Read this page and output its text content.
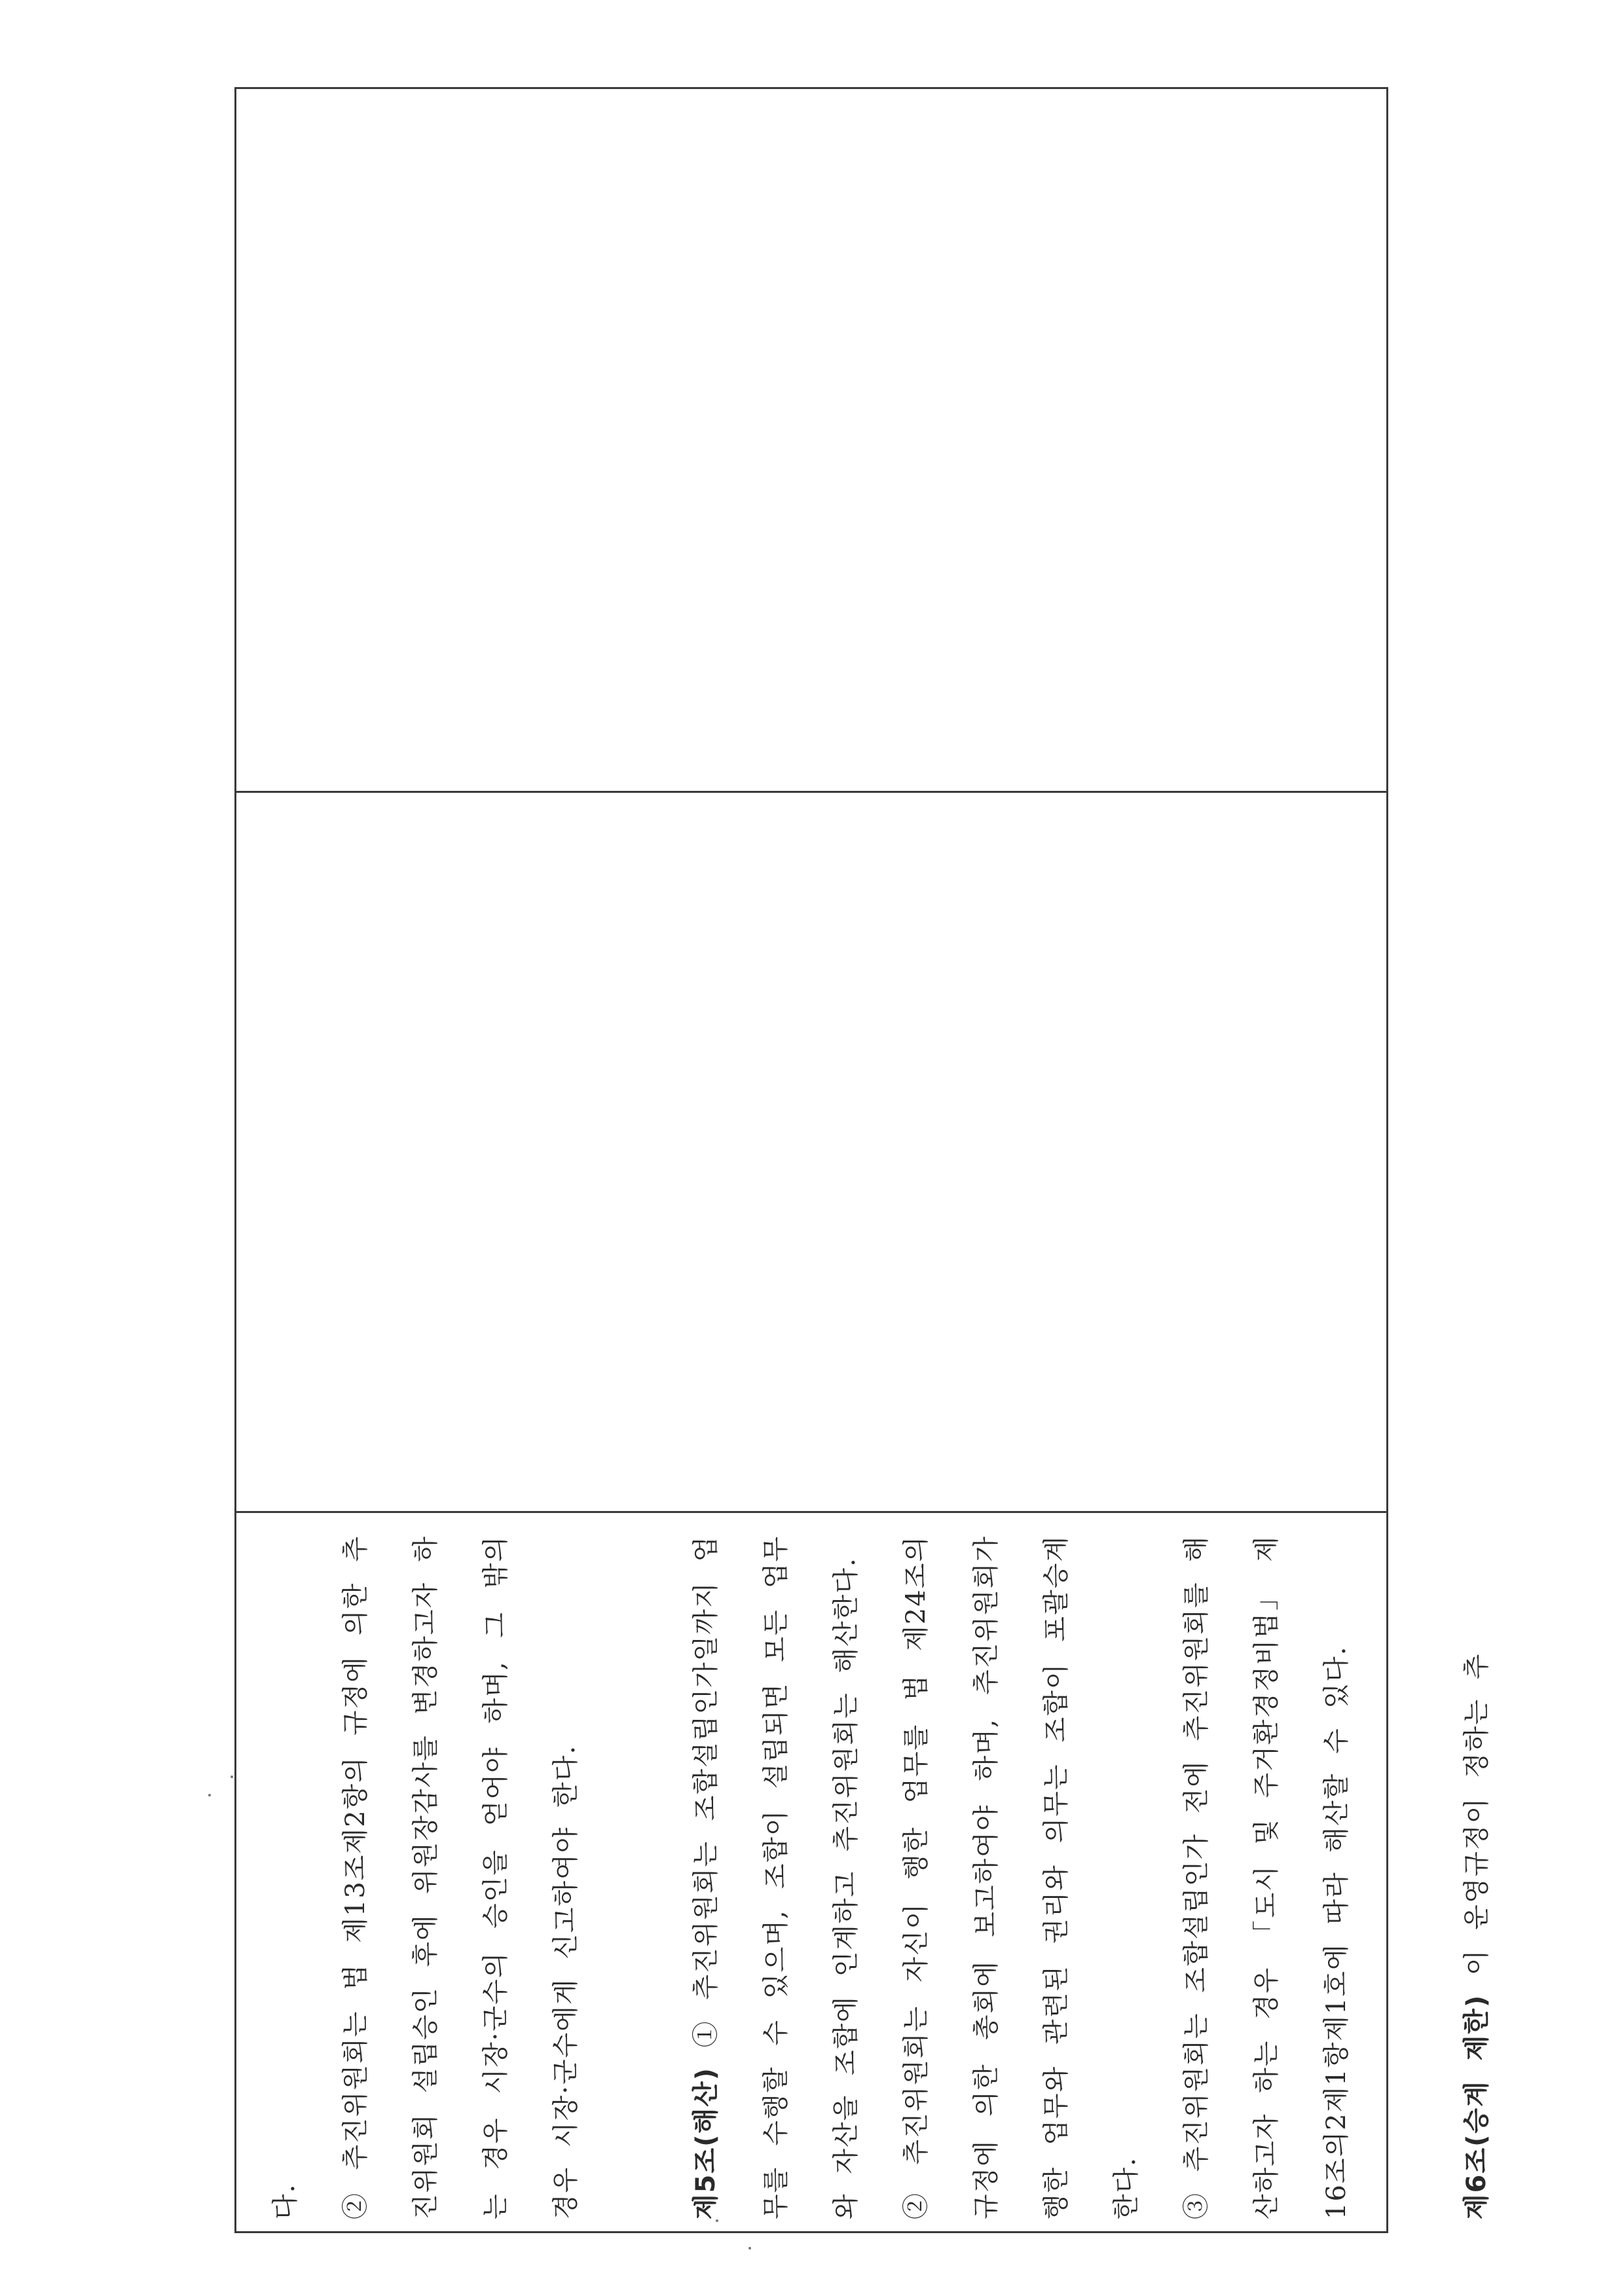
다.	② 추진위원회는 법 제13조제2항의 규정에 의한 추진위원회 설립승인 후에 위원장감사를 변경하고자 하는 경우 시장·군수의 승인을 얻어야 하며, 그 밖의 경우 시장·군수에게 신고하여야 한다.	제5조(해산) ① 추진위원회는 조합설립인가일까지 업무를 수행할 수 있으며, 조합이 설립되면 모든 업무와 자산을 조합에 인계하고 추진위원회는 해산한다.	② 추진위원회는 자신이 행한 업무를 법 제24조의 규정에 의한 총회에 보고하여야 하며, 추진위원회가 행한 업무와 관련된 권리와 의무는 조합이 포괄승계한다.	③ 추진위원회는 조합설립인가 전에 추진위원회를 해산하고자 하는 경우 「도시 및 주거환경정비법」 제16조의2제1항제1호에 따라 해산할 수 있다.	제6조(승계 제한) 이 운영규정이 정하는 추
